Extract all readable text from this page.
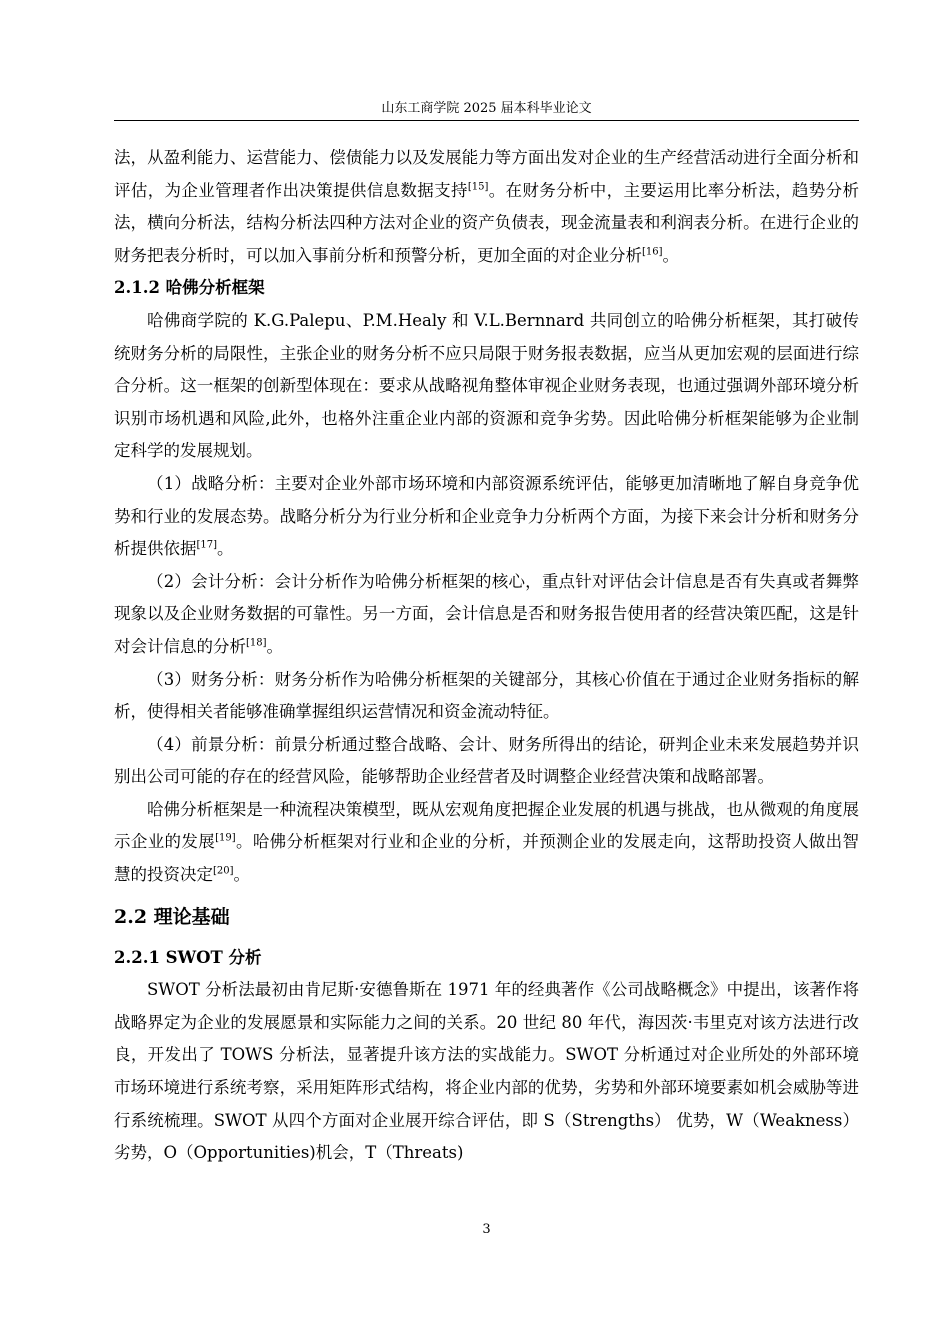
山东工商学院 2025 届本科毕业论文

法，从盈利能力、运营能力、偿债能力以及发展能力等方面出发对企业的生产经营活动进行全面分析和评估，为企业管理者作出决策提供信息数据支持[15]。在财务分析中，主要运用比率分析法，趋势分析法，横向分析法，结构分析法四种方法对企业的资产负债表，现金流量表和利润表分析。在进行企业的财务把表分析时，可以加入事前分析和预警分析，更加全面的对企业分析[16]。

2.1.2 哈佛分析框架

哈佛商学院的 K.G.Palepu、P.M.Healy 和 V.L.Bernnard 共同创立的哈佛分析框架，其打破传统财务分析的局限性，主张企业的财务分析不应只局限于财务报表数据，应当从更加宏观的层面进行综合分析。这一框架的创新型体现在：要求从战略视角整体审视企业财务表现，也通过强调外部环境分析识别市场机遇和风险,此外，也格外注重企业内部的资源和竞争劣势。因此哈佛分析框架能够为企业制定科学的发展规划。

（1）战略分析：主要对企业外部市场环境和内部资源系统评估，能够更加清晰地了解自身竞争优势和行业的发展态势。战略分析分为行业分析和企业竞争力分析两个方面，为接下来会计分析和财务分析提供依据[17]。

（2）会计分析：会计分析作为哈佛分析框架的核心，重点针对评估会计信息是否有失真或者舞弊现象以及企业财务数据的可靠性。另一方面，会计信息是否和财务报告使用者的经营决策匹配，这是针对会计信息的分析[18]。

（3）财务分析：财务分析作为哈佛分析框架的关键部分，其核心价值在于通过企业财务指标的解析，使得相关者能够准确掌握组织运营情况和资金流动特征。

（4）前景分析：前景分析通过整合战略、会计、财务所得出的结论，研判企业未来发展趋势并识别出公司可能的存在的经营风险，能够帮助企业经营者及时调整企业经营决策和战略部署。

哈佛分析框架是一种流程决策模型，既从宏观角度把握企业发展的机遇与挑战，也从微观的角度展示企业的发展[19]。哈佛分析框架对行业和企业的分析，并预测企业的发展走向，这帮助投资人做出智慧的投资决定[20]。

2.2 理论基础

2.2.1 SWOT 分析

SWOT 分析法最初由肯尼斯·安德鲁斯在 1971 年的经典著作《公司战略概念》中提出，该著作将战略界定为企业的发展愿景和实际能力之间的关系。20 世纪 80 年代，海因茨·韦里克对该方法进行改良，开发出了 TOWS 分析法，显著提升该方法的实战能力。SWOT 分析通过对企业所处的外部环境市场环境进行系统考察，采用矩阵形式结构，将企业内部的优势，劣势和外部环境要素如机会威胁等进行系统梳理。SWOT 从四个方面对企业展开综合评估，即 S（Strengths） 优势，W（Weakness）劣势，O（Opportunities)机会，T（Threats)

3
